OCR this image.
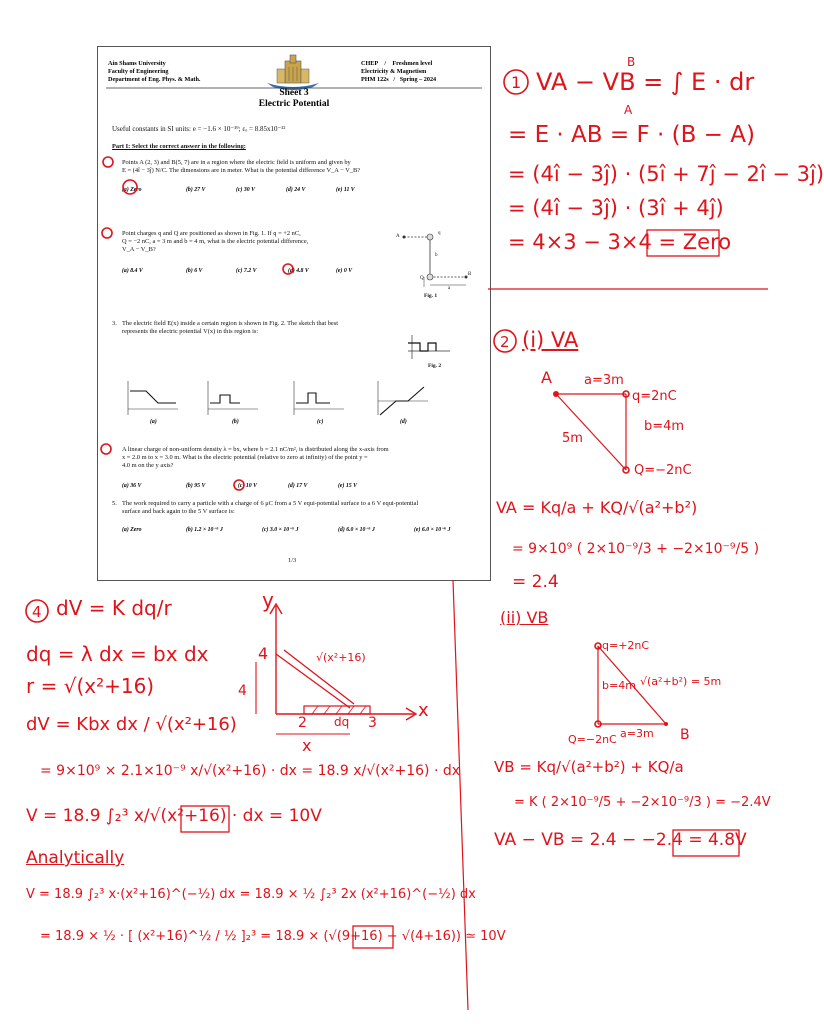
Ain Shams University
Faculty of Engineering
Department of Eng. Phys. & Math.
CHEP / Freshmen level
Electricity & Magnetism
PHM 122s / Spring – 2024
Sheet 3
Electric Potential
Useful constants in SI units: e = −1.6 × 10⁻¹⁹; εₒ = 8.85x10⁻¹²
Part I: Select the correct answer in the following:
Points A (2, 3) and B(5, 7) are in a region where the electric field is uniform and given by
E = (4î − 3ĵ) N/C. The dimensions are in meter. What is the potential difference V_A − V_B?
(a) Zero	(b) 27 V	(c) 30 V	(d) 24 V	(e) 11 V
Point charges q and Q are positioned as shown in Fig. 1. If q = +2 nC,
Q = −2 nC, a = 3 m and b = 4 m, what is the electric potential difference,
V_A − V_B?
(a) 8.4 V	(b) 6 V	(c) 7.2 V	(d) 4.8 V	(e) 0 V
A
q
b
Q
a
B
Fig. 1
3. The electric field E(x) inside a certain region is shown in Fig. 2. The sketch that best
represents the electric potential V(x) in this region is:
Fig. 2
(a)	(b)	(c)	(d)
A linear charge of non-uniform density λ = bx, where b = 2.1 nC/m², is distributed along the x-axis from
x = 2.0 m to x = 3.0 m. What is the electric potential (relative to zero at infinity) of the point y =
4.0 m on the y axis?
(a) 36 V	(b) 95 V	(c) 10 V	(d) 17 V	(e) 15 V
5. The work required to carry a particle with a charge of 6 μC from a 5 V equi-potential surface to a 6 V equi-potential
surface and back again to the 5 V surface is:
(a) Zero	(b) 1.2 × 10⁻⁵ J	(c) 3.0 × 10⁻⁵ J	(d) 6.0 × 10⁻⁵ J	(e) 6.0 × 10⁻⁶ J
1/3
1 VA − VB = ∫ E · dr
B
A
= E · AB = F · (B − A)
= (4î − 3ĵ) · (5î + 7ĵ − 2î − 3ĵ)
= (4î − 3ĵ) · (3î + 4ĵ)
= 4×3 − 3×4 = Zero
2 (i) VA
A a=3m
q=2nC
b=4m
5m
Q=−2nC
VA = Kq/a + KQ/√(a²+b²)
= 9×10⁹ ( 2×10⁻⁹/3 + −2×10⁻⁹/5 )
= 2.4
(ii) VB
q=+2nC
b=4m √(a²+b²) = 5m
Q=−2nC a=3m B
VB = Kq/√(a²+b²) + KQ/a
= K ( 2×10⁻⁹/5 + −2×10⁻⁹/3 ) = −2.4V
VA − VB = 2.4 − −2.4 = 4.8V
4 dV = K dq/r
dq = λ dx = bx dx
r = √(x²+16)
dV = Kbx dx / √(x²+16)
= 9×10⁹ × 2.1×10⁻⁹ x/√(x²+16) · dx = 18.9 x/√(x²+16) · dx
V = 18.9 ∫₂³ x/√(x²+16) · dx = 10V
Analytically
V = 18.9 ∫₂³ x·(x²+16)^(−½) dx = 18.9 × ½ ∫₂³ 2x (x²+16)^(−½) dx
= 18.9 × ½ · [ (x²+16)^½ / ½ ]₂³ = 18.9 × (√(9+16) − √(4+16)) ≃ 10V
y
4
4
√(x²+16)
2 dq 3
x
x
